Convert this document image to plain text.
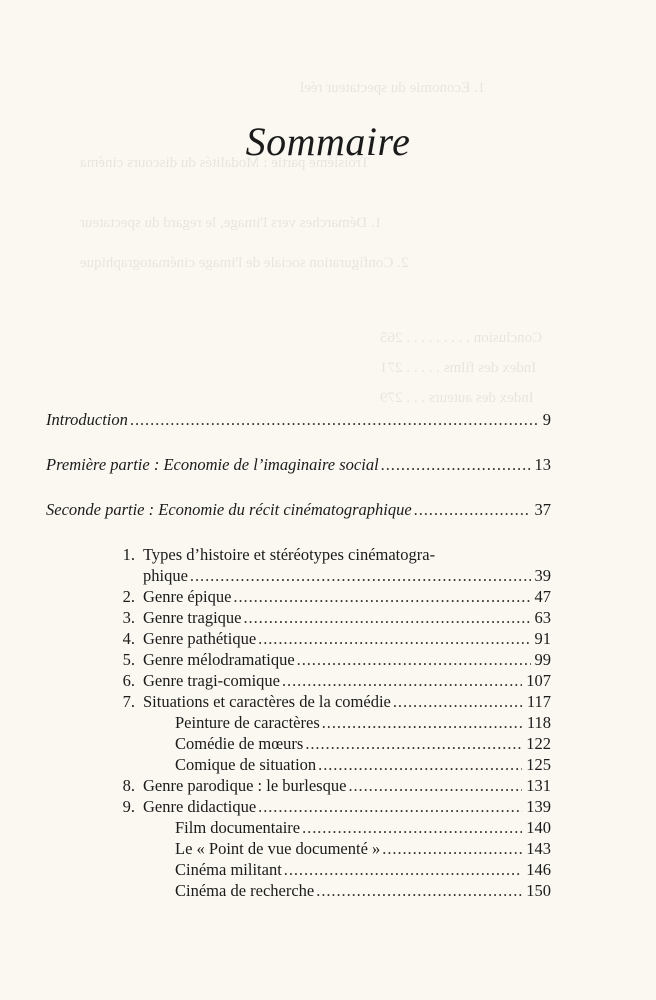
1. Economie du spectateur réel
Troisième partie : Modalités du discours cinéma
1. Démarches vers l'image, le regard du spectateur
2. Configuration sociale de l'image cinématographique
Conclusion . . . . . . . . . 265
Index des films . . . . . 271
Index des auteurs . . . 279
Sommaire
Introduction . . .	9
Première partie : Economie de l’imaginaire social . . .	13
Seconde partie : Economie du récit cinématographique . . .	37
1. Types d’histoire et stéréotypes cinématogra-
phique . . .	39
2. Genre épique . . .	47
3. Genre tragique . . .	63
4. Genre pathétique . . .	91
5. Genre mélodramatique . . .	99
6. Genre tragi-comique . . .	107
7. Situations et caractères de la comédie . . .	117
Peinture de caractères . . .	118
Comédie de mœurs . . .	122
Comique de situation . . .	125
8. Genre parodique : le burlesque . . .	131
9. Genre didactique . . .	139
Film documentaire . . .	140
Le « Point de vue documenté » . . .	143
Cinéma militant . . .	146
Cinéma de recherche . . .	150
